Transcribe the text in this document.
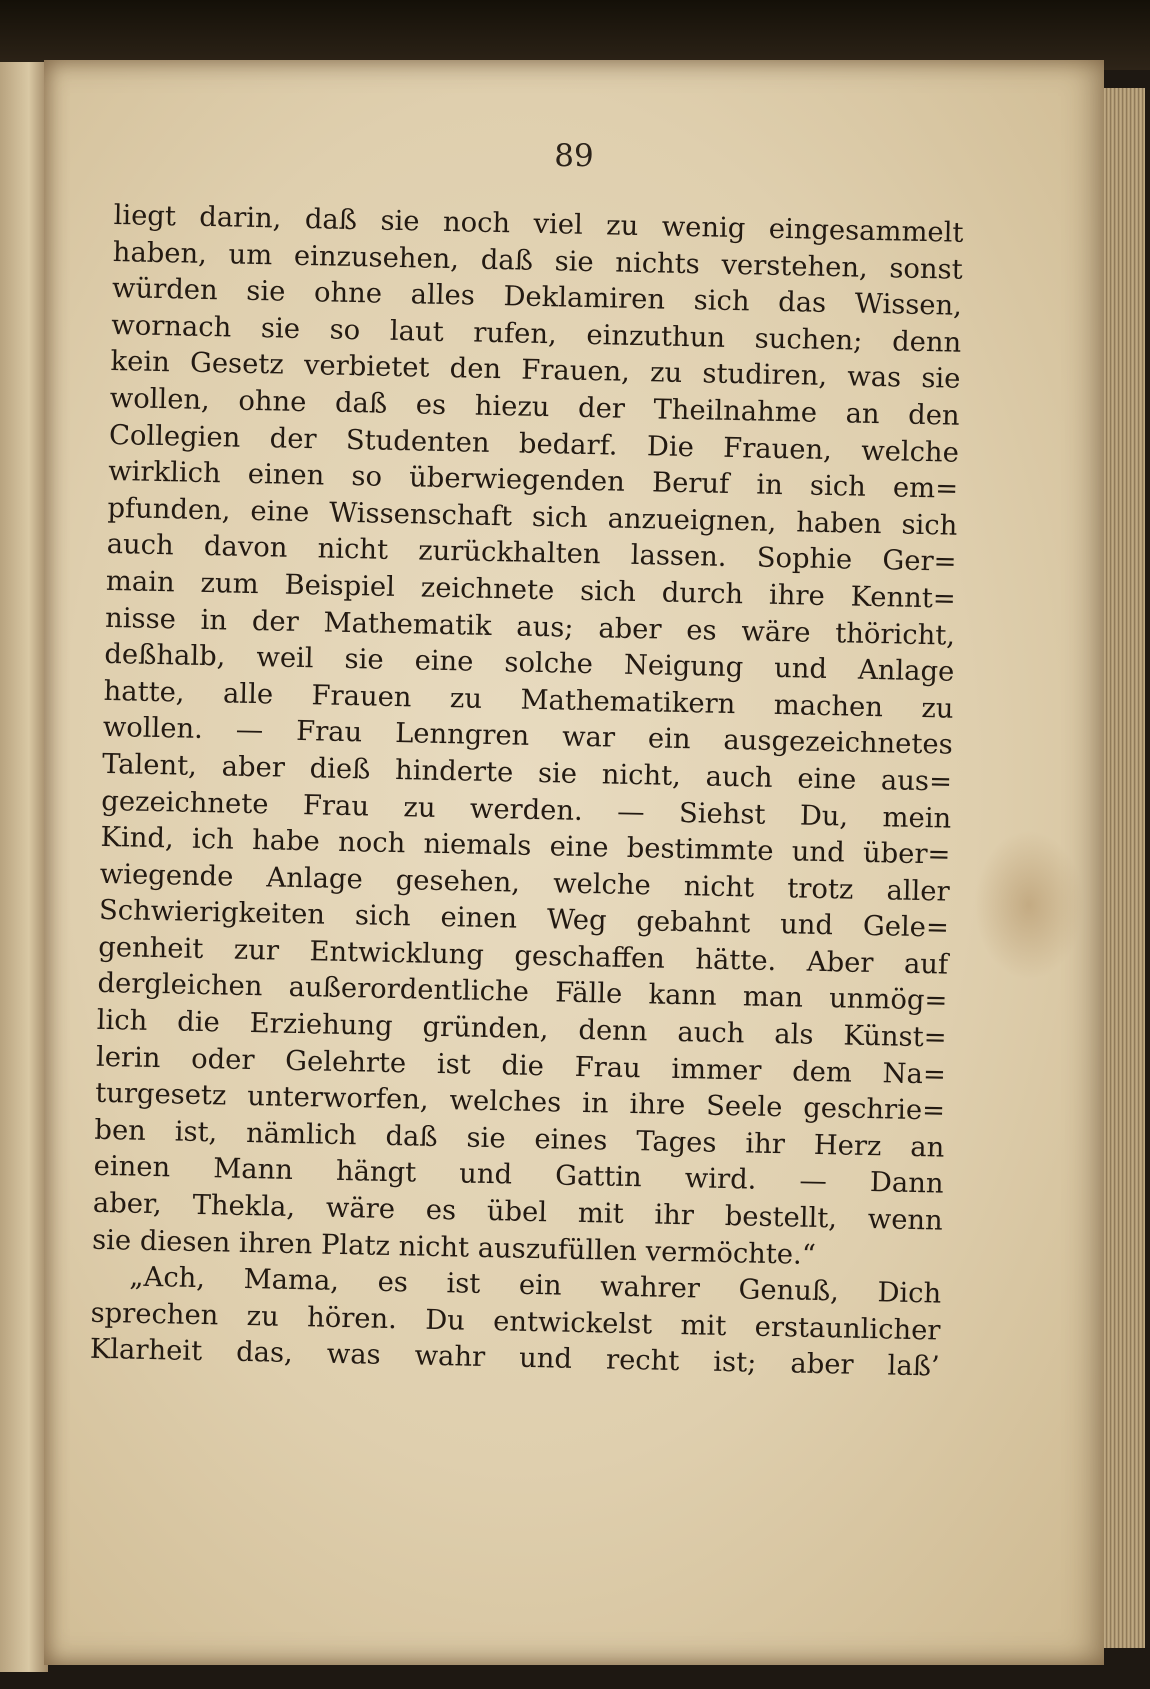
89
liegt darin, daß sie noch viel zu wenig eingesammelt
haben, um einzusehen, daß sie nichts verstehen, sonst
würden sie ohne alles Deklamiren sich das Wissen,
wornach sie so laut rufen, einzuthun suchen; denn
kein Gesetz verbietet den Frauen, zu studiren, was sie
wollen, ohne daß es hiezu der Theilnahme an den
Collegien der Studenten bedarf. Die Frauen, welche
wirklich einen so überwiegenden Beruf in sich em=
pfunden, eine Wissenschaft sich anzueignen, haben sich
auch davon nicht zurückhalten lassen. Sophie Ger=
main zum Beispiel zeichnete sich durch ihre Kennt=
nisse in der Mathematik aus; aber es wäre thöricht,
deßhalb, weil sie eine solche Neigung und Anlage
hatte, alle Frauen zu Mathematikern machen zu
wollen. — Frau Lenngren war ein ausgezeichnetes
Talent, aber dieß hinderte sie nicht, auch eine aus=
gezeichnete Frau zu werden. — Siehst Du, mein
Kind, ich habe noch niemals eine bestimmte und über=
wiegende Anlage gesehen, welche nicht trotz aller
Schwierigkeiten sich einen Weg gebahnt und Gele=
genheit zur Entwicklung geschaffen hätte. Aber auf
dergleichen außerordentliche Fälle kann man unmög=
lich die Erziehung gründen, denn auch als Künst=
lerin oder Gelehrte ist die Frau immer dem Na=
turgesetz unterworfen, welches in ihre Seele geschrie=
ben ist, nämlich daß sie eines Tages ihr Herz an
einen Mann hängt und Gattin wird. — Dann
aber, Thekla, wäre es übel mit ihr bestellt, wenn
sie diesen ihren Platz nicht auszufüllen vermöchte.“
„Ach, Mama, es ist ein wahrer Genuß, Dich
sprechen zu hören. Du entwickelst mit erstaunlicher
Klarheit das, was wahr und recht ist; aber laß’
